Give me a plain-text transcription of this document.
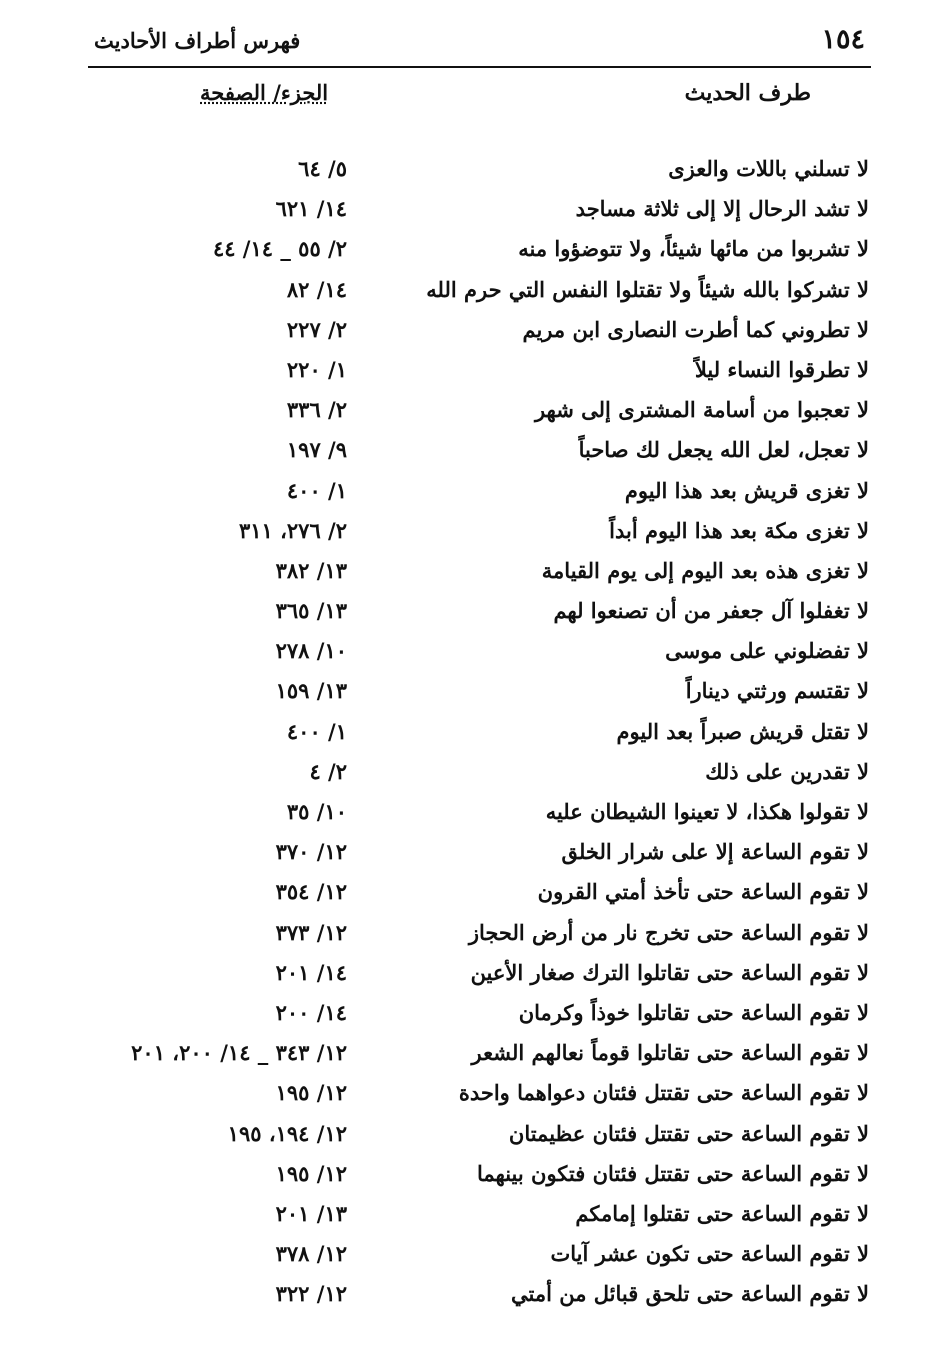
١٥٤
فهرس أطراف الأحاديث
طرف الحديث
الجزء/ الصفحة
لا تسلني باللات والعزى
٥/ ٦٤
لا تشد الرحال إلا إلى ثلاثة مساجد
١٤/ ٦٢١
لا تشربوا من مائها شيئاً، ولا تتوضؤوا منه
٢/ ٥٥ _ ١٤/ ٤٤
لا تشركوا بالله شيئاً ولا تقتلوا النفس التي حرم الله
١٤/ ٨٢
لا تطروني كما أطرت النصارى ابن مريم
٢/ ٢٢٧
لا تطرقوا النساء ليلاً
١/ ٢٢٠
لا تعجبوا من أسامة المشترى إلى شهر
٢/ ٣٣٦
لا تعجل، لعل الله يجعل لك صاحباً
٩/ ١٩٧
لا تغزى قريش بعد هذا اليوم
١/ ٤٠٠
لا تغزى مكة بعد هذا اليوم أبداً
٢/ ٢٧٦، ٣١١
لا تغزى هذه بعد اليوم إلى يوم القيامة
١٣/ ٣٨٢
لا تغفلوا آل جعفر من أن تصنعوا لهم
١٣/ ٣٦٥
لا تفضلوني على موسى
١٠/ ٢٧٨
لا تقتسم ورثتي ديناراً
١٣/ ١٥٩
لا تقتل قريش صبراً بعد اليوم
١/ ٤٠٠
لا تقدرين على ذلك
٢/ ٤
لا تقولوا هكذا، لا تعينوا الشيطان عليه
١٠/ ٣٥
لا تقوم الساعة إلا على شرار الخلق
١٢/ ٣٧٠
لا تقوم الساعة حتى تأخذ أمتي القرون
١٢/ ٣٥٤
لا تقوم الساعة حتى تخرج نار من أرض الحجاز
١٢/ ٣٧٣
لا تقوم الساعة حتى تقاتلوا الترك صغار الأعين
١٤/ ٢٠١
لا تقوم الساعة حتى تقاتلوا خوذاً وكرمان
١٤/ ٢٠٠
لا تقوم الساعة حتى تقاتلوا قوماً نعالهم الشعر
١٢/ ٣٤٣ _ ١٤/ ٢٠٠، ٢٠١
لا تقوم الساعة حتى تقتتل فئتان دعواهما واحدة
١٢/ ١٩٥
لا تقوم الساعة حتى تقتتل فئتان عظيمتان
١٢/ ١٩٤، ١٩٥
لا تقوم الساعة حتى تقتتل فئتان فتكون بينهما
١٢/ ١٩٥
لا تقوم الساعة حتى تقتلوا إمامكم
١٣/ ٢٠١
لا تقوم الساعة حتى تكون عشر آيات
١٢/ ٣٧٨
لا تقوم الساعة حتى تلحق قبائل من أمتي
١٢/ ٣٢٢
